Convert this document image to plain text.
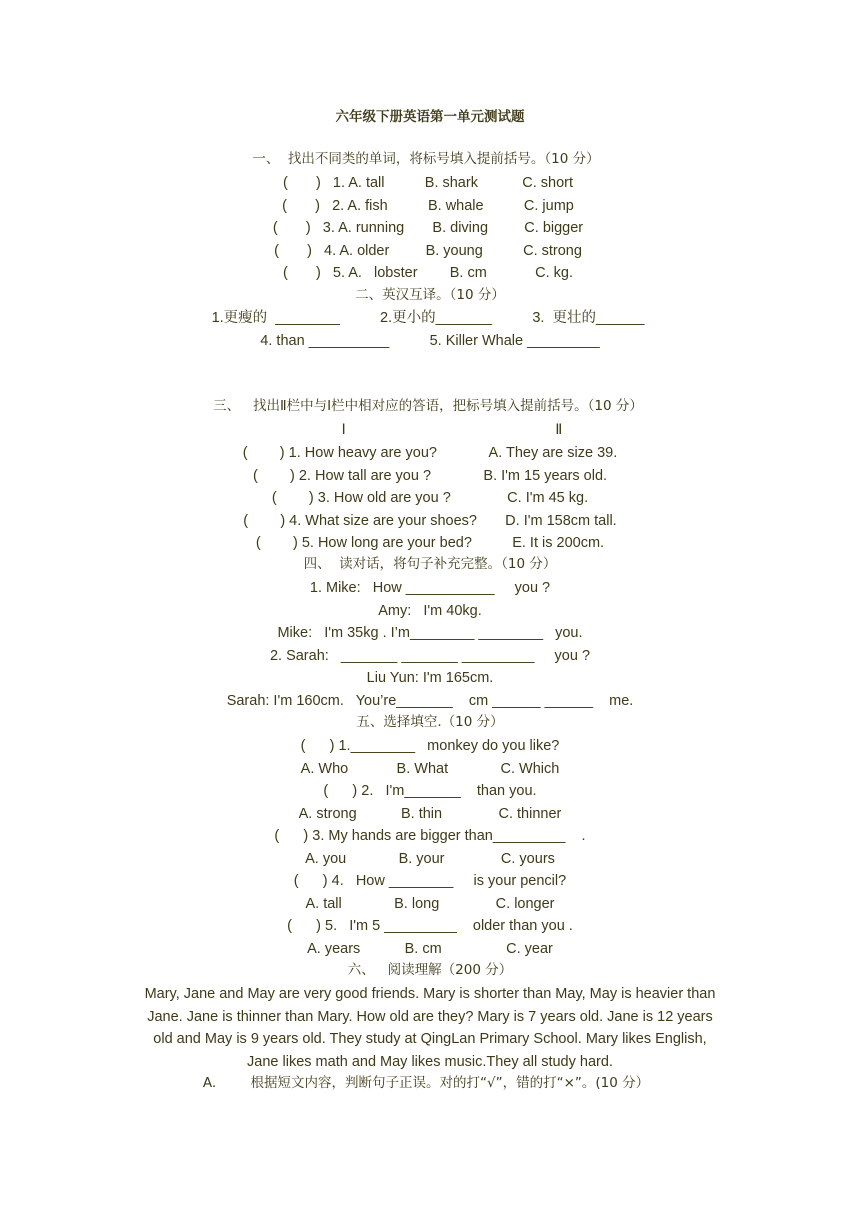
六年级下册英语第一单元测试题
一、  找出不同类的单词，将标号填入提前括号。（10 分）
(       )   1. A. tall          B. shark           C. short
(       )   2. A. fish          B. whale          C. jump
(       )   3. A. running       B. diving         C. bigger
(       )   4. A. older         B. young          C. strong
(       )   5. A.   lobster        B. cm            C. kg.
二、英汉互译。（10 分）
1.更瘦的  ________          2.更小的_______          3.  更壮的______
4. than __________          5. Killer Whale _________
三、   找出Ⅱ栏中与Ⅰ栏中相对应的答语，把标号填入提前括号。（10 分）
Ⅰ                                                    Ⅱ
(        ) 1. How heavy are you?             A. They are size 39.
(        ) 2. How tall are you ?             B. I'm 15 years old.
(        ) 3. How old are you ?              C. I'm 45 kg.
(        ) 4. What size are your shoes?       D. I'm 158cm tall.
(        ) 5. How long are your bed?          E. It is 200cm.
四、  读对话，将句子补充完整。（10 分）
1. Mike:   How ___________     you ?
Amy:   I'm 40kg.
Mike:   I'm 35kg . I’m________ ________   you.
2. Sarah:   _______ _______ _________     you ?
Liu Yun: I'm 165cm.
Sarah: I'm 160cm.   You’re_______    cm ______ ______    me.
五、选择填空.（10 分）
(      ) 1.________   monkey do you like?
A. Who            B. What             C. Which
(      ) 2.   I'm_______    than you.
A. strong           B. thin              C. thinner
(      ) 3. My hands are bigger than_________    .
A. you             B. your              C. yours
(      ) 4.   How ________     is your pencil?
A. tall             B. long              C. longer
(      ) 5.   I'm 5 _________    older than you .
A. years           B. cm                C. year
六、   阅读理解（200 分）
Mary, Jane and May are very good friends. Mary is shorter than May, May is heavier than
Jane. Jane is thinner than Mary. How old are they? Mary is 7 years old. Jane is 12 years
old and May is 9 years old. They study at QingLan Primary School. Mary likes English,
Jane likes math and May likes music.They all study hard.
A.        根据短文内容，判断句子正误。对的打“√”，错的打“×”。(10 分）
